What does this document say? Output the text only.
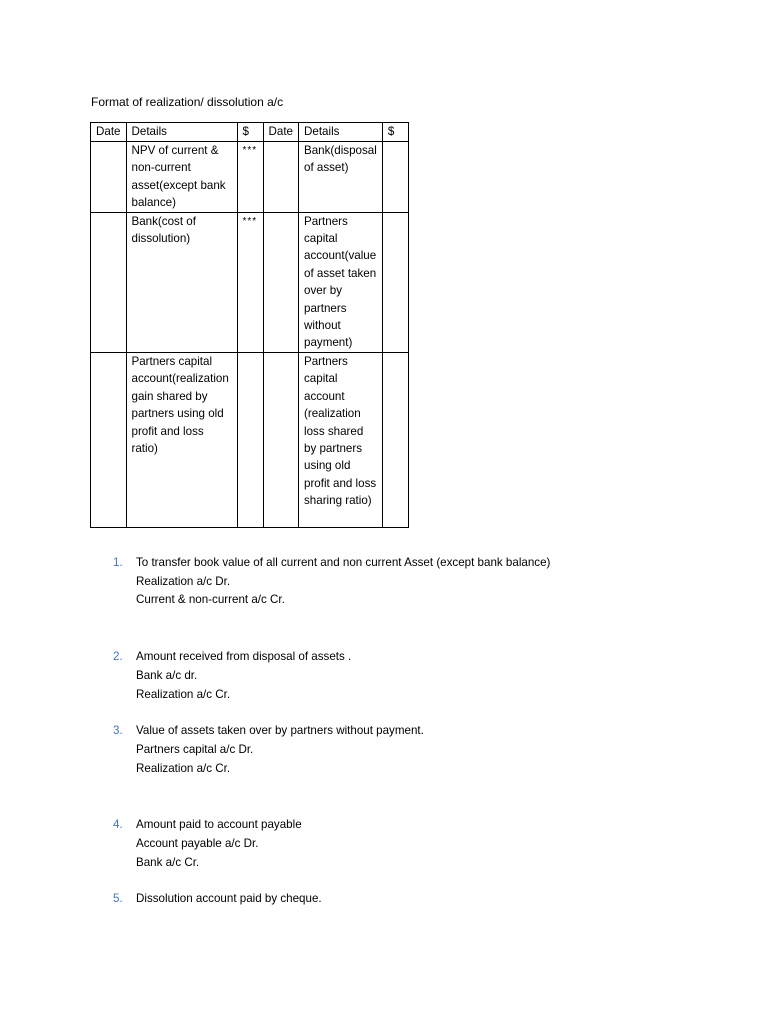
Format of realization/ dissolution a/c
Date	Details	$	Date	Details	$
	NPV of current & non-current asset(except bank balance)	***		Bank(disposal of asset)	
	Bank(cost of dissolution)	***		Partners capital account(value of asset taken over by partners without payment)	
	Partners capital account(realization gain shared by partners using old profit and loss ratio)			Partners capital account (realization loss shared by partners using old profit and loss sharing ratio)	
1. To transfer book value of all current and non current Asset (except bank balance)
Realization a/c Dr.
Current & non-current a/c Cr.
2. Amount received from disposal of assets .
Bank a/c dr.
Realization a/c Cr.
3. Value of assets taken over by partners without payment.
Partners capital a/c Dr.
Realization a/c Cr.
4. Amount paid to account payable
Account payable a/c Dr.
Bank a/c Cr.
5. Dissolution account paid by cheque.
